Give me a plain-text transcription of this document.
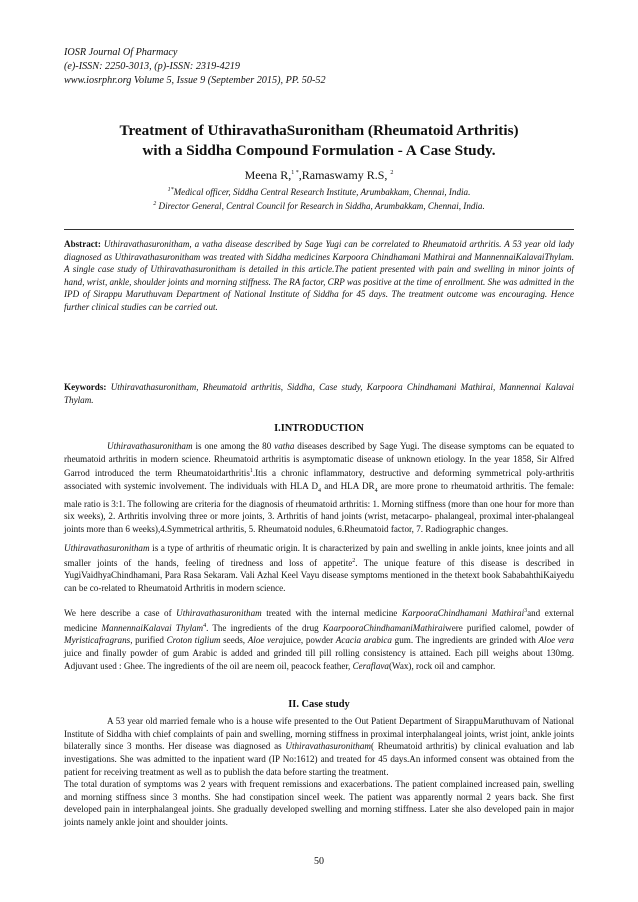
IOSR Journal Of Pharmacy
(e)-ISSN: 2250-3013, (p)-ISSN: 2319-4219
www.iosrphr.org Volume 5, Issue 9 (September 2015), PP. 50-52
Treatment of UthiravathaSuronitham (Rheumatoid Arthritis)
with a Siddha Compound Formulation - A Case Study.
Meena R,$^{1 *}$,Ramaswamy R.S, $^2$
$^{1*}$Medical officer, Siddha Central Research Institute, Arumbakkam, Chennai, India.
$^2$ Director General, Central Council for Research in Siddha, Arumbakkam, Chennai, India.
Abstract: Uthiravathasuronitham, a vatha disease described by Sage Yugi can be correlated to Rheumatoid arthritis. A 53 year old lady diagnosed as Uthiravathasuronitham was treated with Siddha medicines Karpoora Chindhamani Mathirai and MannennaiKalavaiThylam. A single case study of Uthiravathasuronitham is detailed in this article.The patient presented with pain and swelling in minor joints of hand, wrist, ankle, shoulder joints and morning stiffness. The RA factor, CRP was positive at the time of enrollment. She was admitted in the IPD of Sirappu Maruthuvam Department of National Institute of Siddha for 45 days. The treatment outcome was encouraging. Hence further clinical studies can be carried out.
Keywords: Uthiravathasuronitham, Rheumatoid arthritis, Siddha, Case study, Karpoora Chindhamani Mathirai, Mannennai Kalavai Thylam.
I.INTRODUCTION
Uthiravathasuronitham is one among the 80 vatha diseases described by Sage Yugi. The disease symptoms can be equated to rheumatoid arthritis in modern science. Rheumatoid arthritis is asymptomatic disease of unknown etiology. In the year 1858, Sir Alfred Garrod introduced the term Rheumatoidarthritis$^1$.Itis a chronic inflammatory, destructive and deforming symmetrical poly-arthritis associated with systemic involvement. The individuals with HLA $D_4$ and HLA $DR_4$ are more prone to rheumatoid arthritis. The female: male ratio is 3:1. The following are criteria for the diagnosis of rheumatoid arthritis: 1. Morning stiffness (more than one hour for more than six weeks), 2. Arthritis involving three or more joints, 3. Arthritis of hand joints (wrist, metacarpo- phalangeal, proximal inter-phalangeal joints more than 6 weeks),4.Symmetrical arthritis, 5. Rheumatoid nodules, 6.Rheumatoid factor, 7. Radiographic changes.
Uthiravathasuronitham is a type of arthritis of rheumatic origin. It is characterized by pain and swelling in ankle joints, knee joints and all smaller joints of the hands, feeling of tiredness and loss of appetite$^2$. The unique feature of this disease is described in YugiVaidhyaChindhamani, Para Rasa Sekaram. Vali Azhal Keel Vayu disease symptoms mentioned in the thetext book SababahthiKaiyedu can be co-related to Rheumatoid Arthritis in modern science.
We here describe a case of Uthiravathasuronitham treated with the internal medicine KarpooraChindhamani Mathirai$^3$and external medicine MannennaiKalavai Thylam$^4$. The ingredients of the drug KaarpooraChindhamaniMathiraiwere purified calomel, powder of Myristicafragrans, purified Croton tiglium seeds, Aloe verajuice, powder Acacia arabica gum. The ingredients are grinded with Aloe vera juice and finally powder of gum Arabic is added and grinded till pill rolling consistency is attained. Each pill weighs about 130mg. Adjuvant used : Ghee. The ingredients of the oil are neem oil, peacock feather, Ceraflava(Wax), rock oil and camphor.
II. Case study
A 53 year old married female who is a house wife presented to the Out Patient Department of SirappuMaruthuvam of National Institute of Siddha with chief complaints of pain and swelling, morning stiffness in proximal interphalangeal joints, wrist joint, ankle joints bilaterally since 3 months. Her disease was diagnosed as Uthiravathasuronitham( Rheumatoid arthritis) by clinical evaluation and lab investigations. She was admitted to the inpatient ward (IP No:1612) and treated for 45 days.An informed consent was obtained from the patient for receiving treatment as well as to publish the data before starting the treatment.
The total duration of symptoms was 2 years with frequent remissions and exacerbations. The patient complained increased pain, swelling and morning stiffness since 3 months. She had constipation sinceI week. The patient was apparently normal 2 years back. She first developed pain in interphalangeal joints. She gradually developed swelling and morning stiffness. Later she also developed pain in major joints namely ankle joint and shoulder joints.
50
